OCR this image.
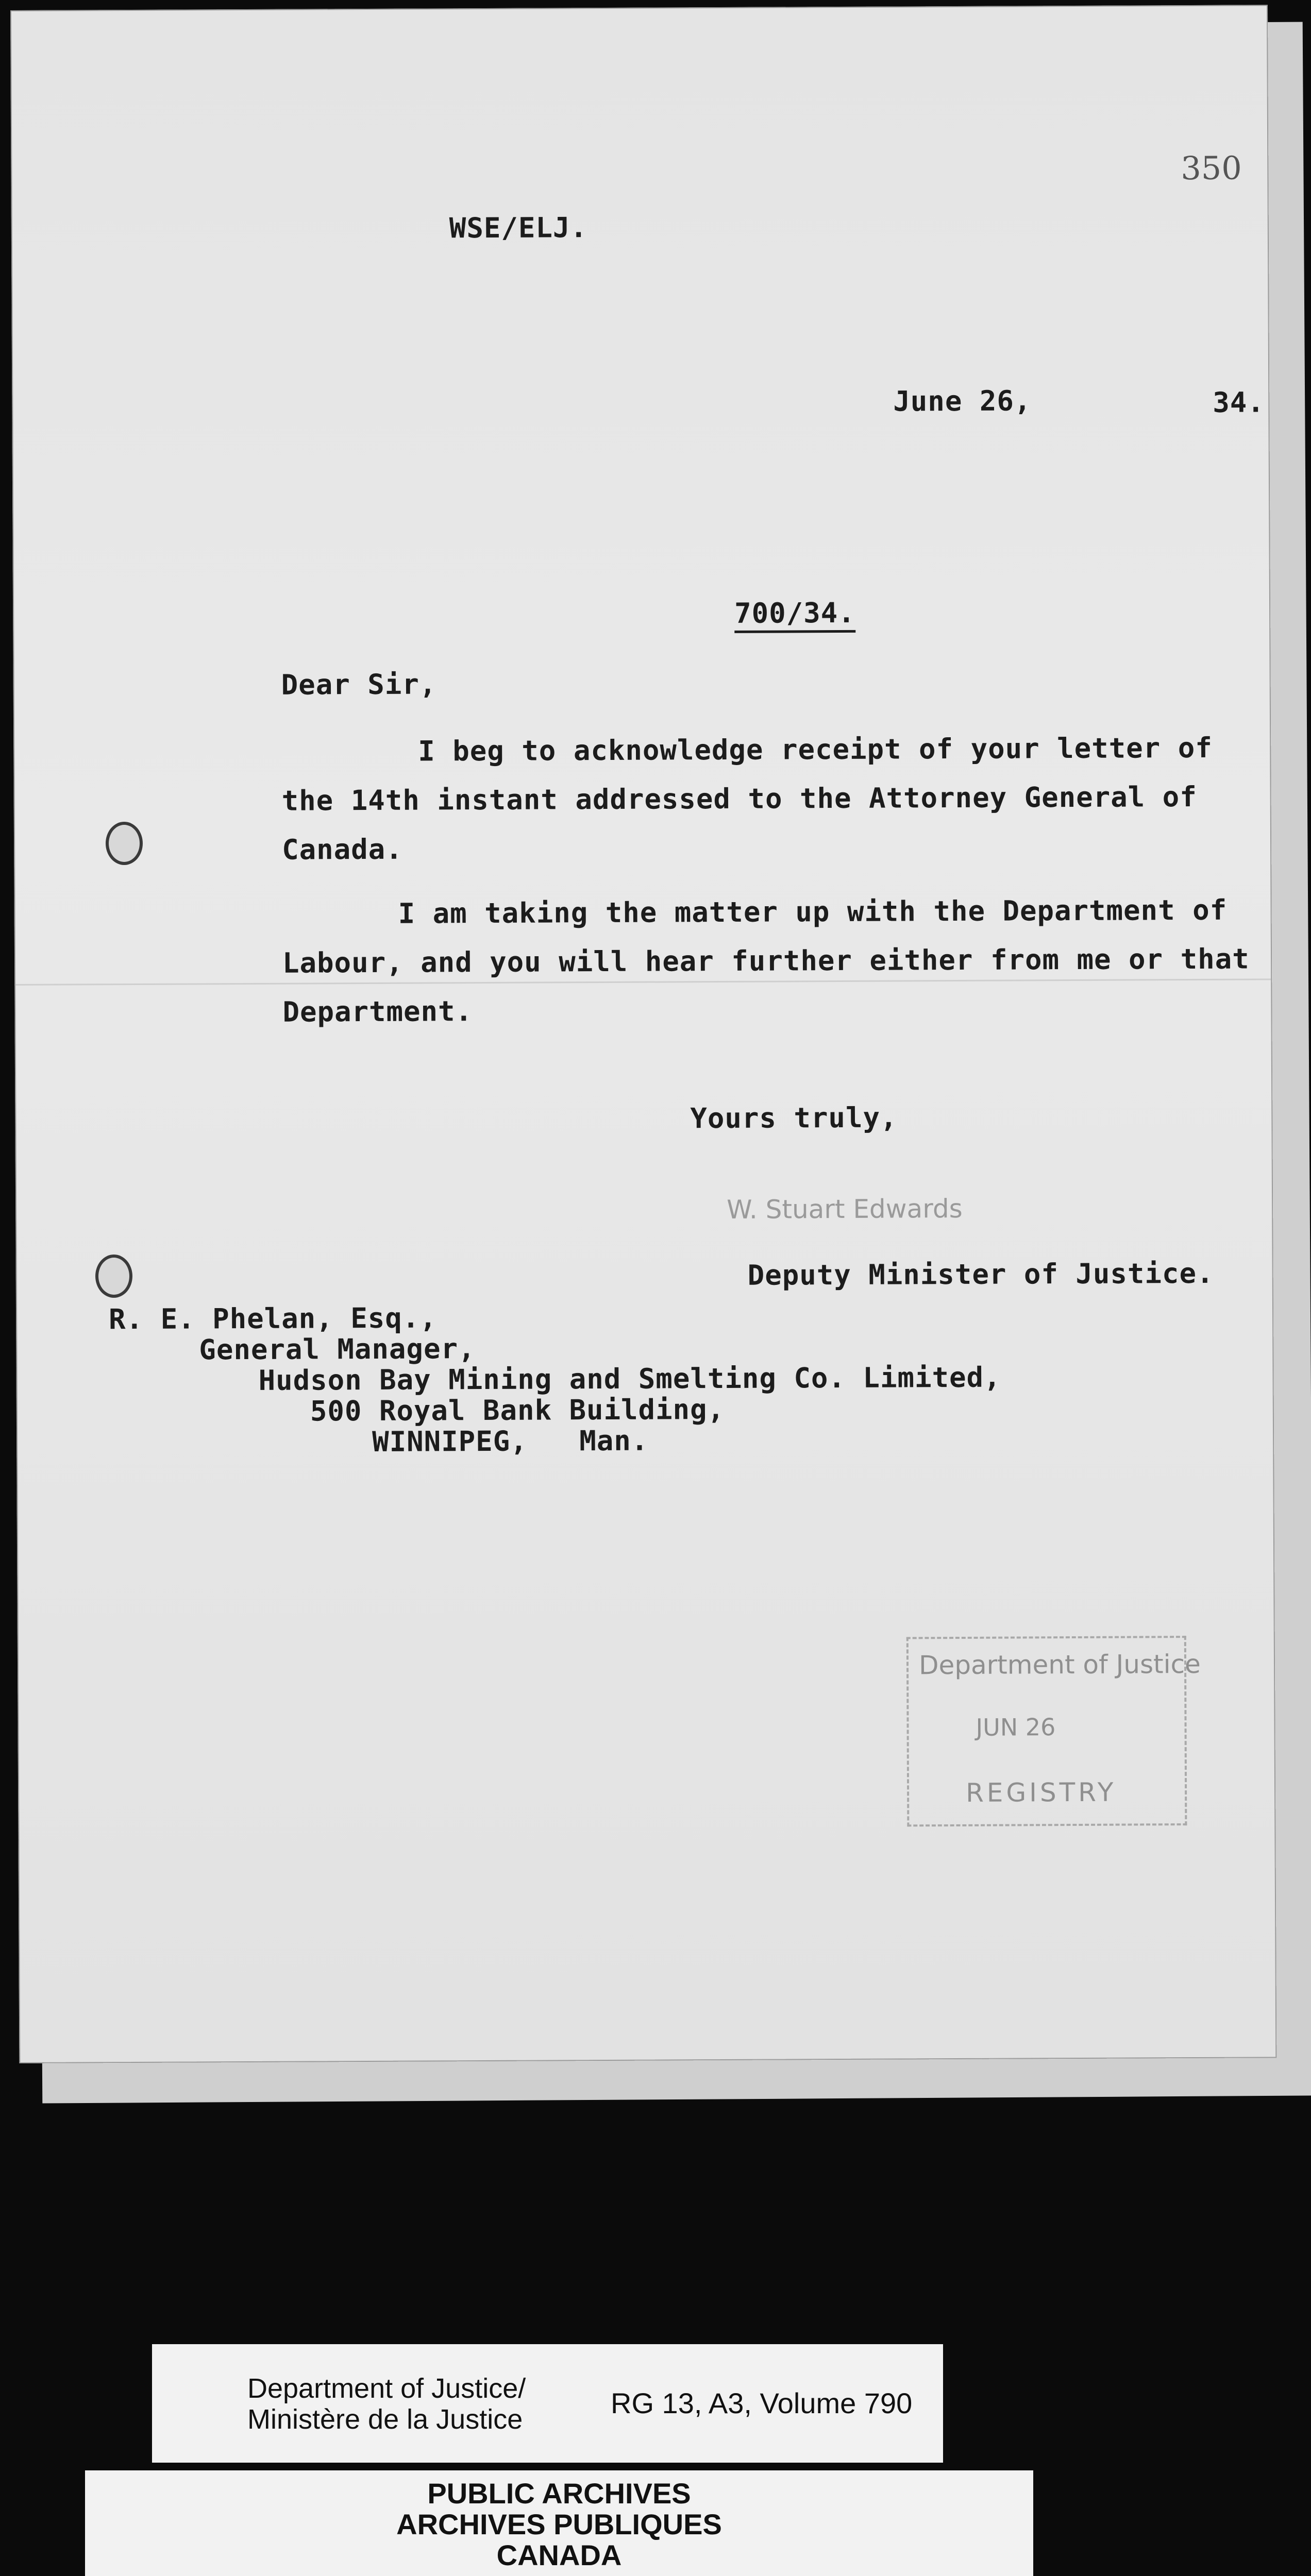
350
WSE/ELJ.
June 26,	34.
700/34.
Dear Sir,
I beg to acknowledge receipt of your letter of
the 14th instant addressed to the Attorney General of
Canada.
I am taking the matter up with the Department of
Labour, and you will hear further either from me or that
Department.
Yours truly,
W. Stuart Edwards
Deputy Minister of Justice.
R. E. Phelan, Esq.,
General Manager,
Hudson Bay Mining and Smelting Co. Limited,
500 Royal Bank Building,
WINNIPEG,   Man.
Department of Justice
JUN 26
REGISTRY
Department of Justice/
Ministère de la Justice	RG 13, A3, Volume 790
PUBLIC ARCHIVES
ARCHIVES PUBLIQUES
CANADA
